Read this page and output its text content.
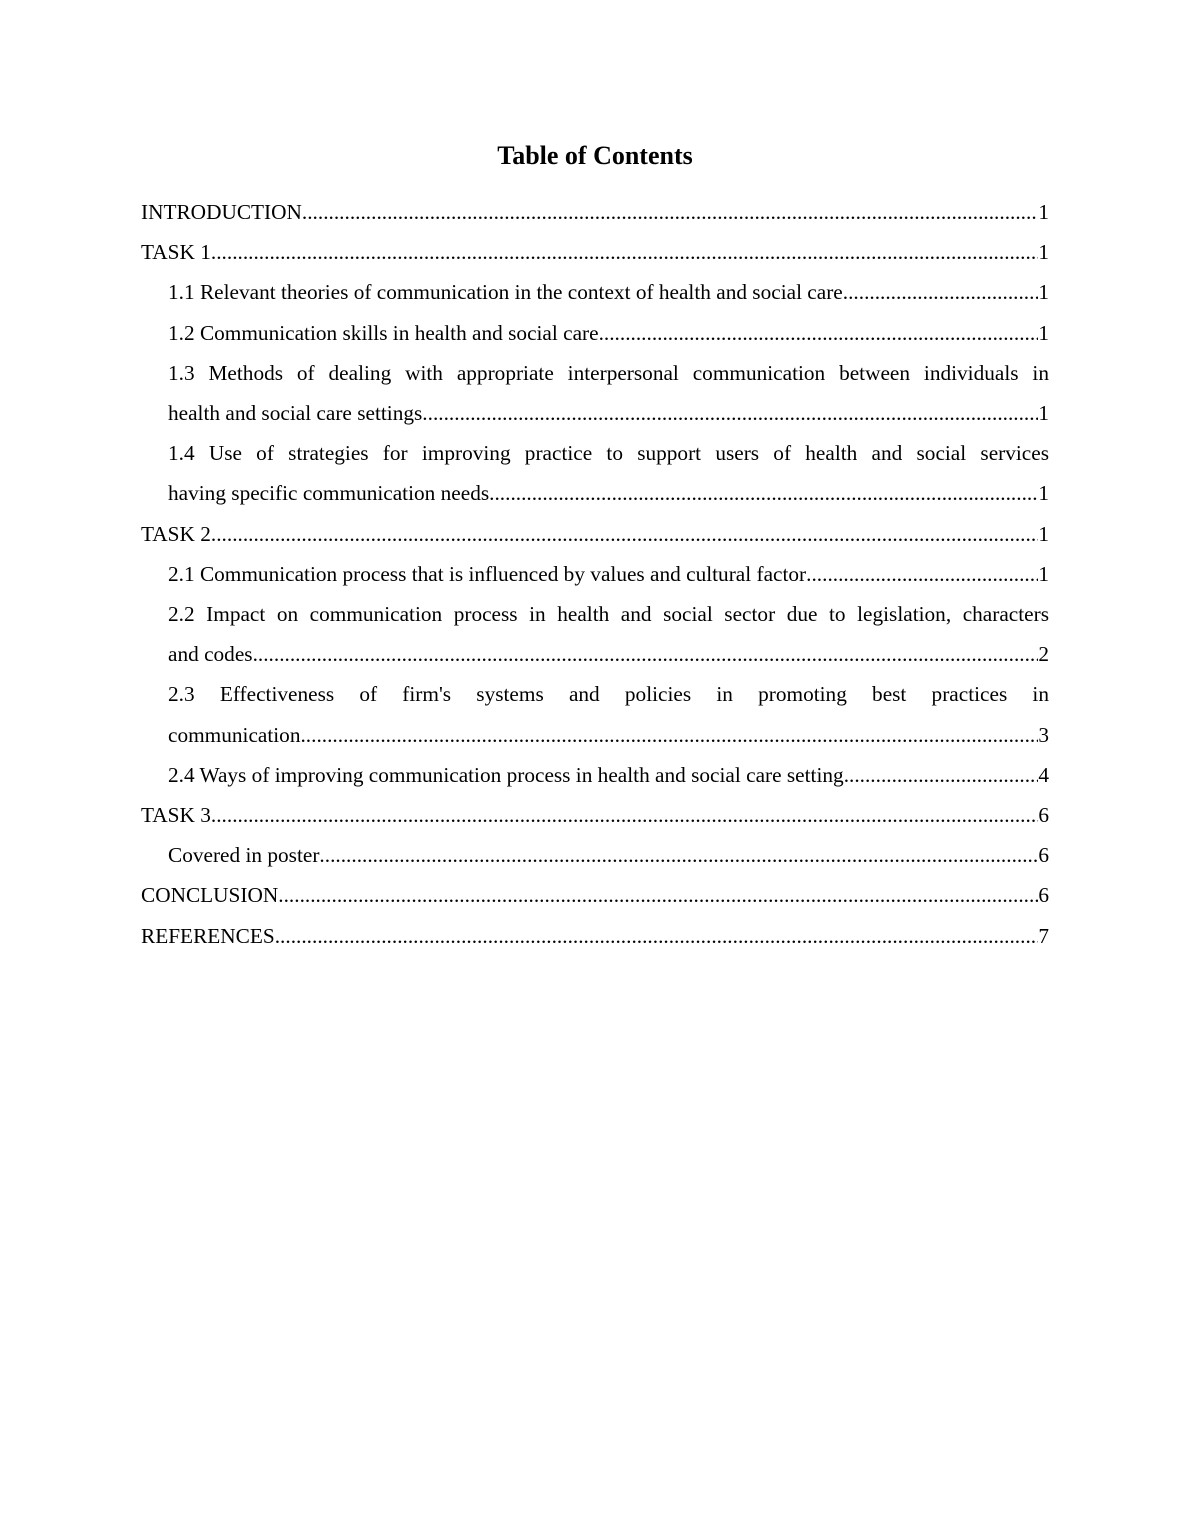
Table of Contents
INTRODUCTION .....	1
TASK 1 .....	1
1.1 Relevant theories of communication in the context of health and social care .....	1
1.2 Communication skills in health and social care .....	1
1.3 Methods of dealing with appropriate interpersonal communication between individuals in
health and social care settings .....	1
1.4 Use of strategies for improving practice to support users of health and social services
having specific communication needs .....	1
TASK 2 .....	1
2.1 Communication process that is influenced by values and cultural factor .....	1
2.2 Impact on communication process in health and social sector due to legislation, characters
and codes .....	2
2.3 Effectiveness of firm's systems and policies in promoting best practices in
communication .....	3
2.4 Ways of improving communication process in health and social care setting .....	4
TASK 3 .....	6
Covered in poster .....	6
CONCLUSION .....	6
REFERENCES .....	7
